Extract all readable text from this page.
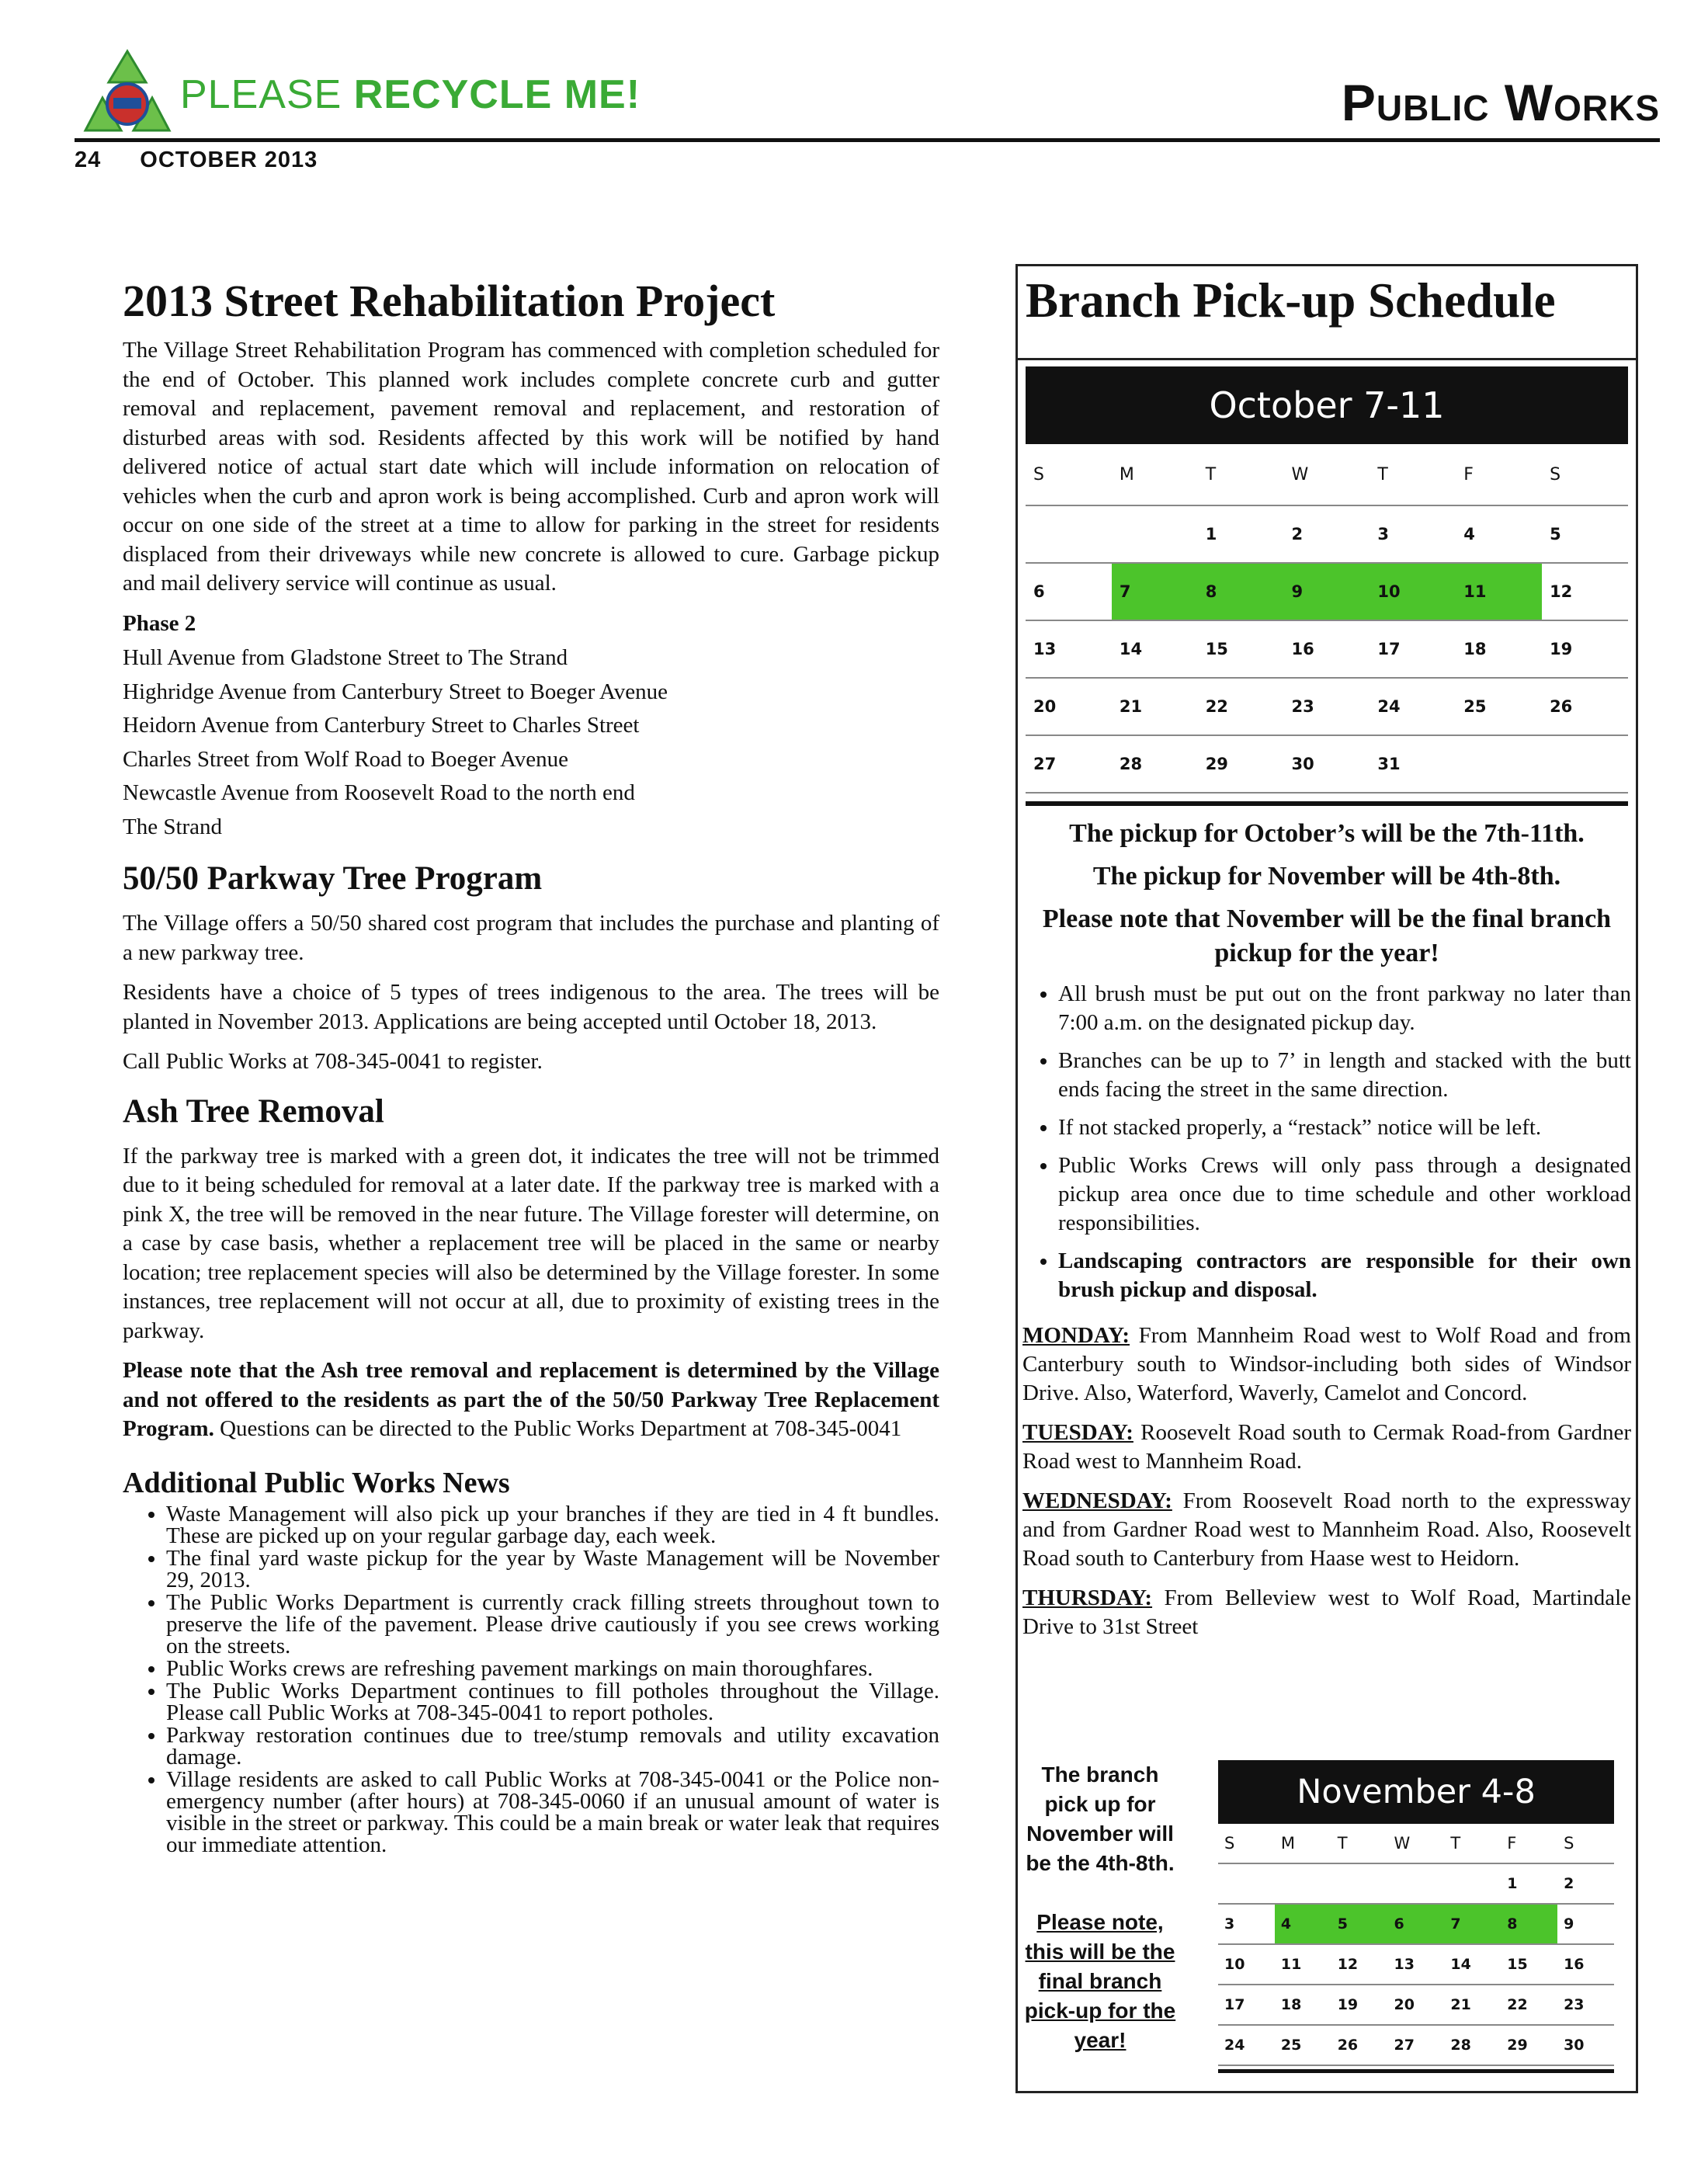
PLEASE RECYCLE ME!	Public Works
24 OCTOBER 2013
2013 Street Rehabilitation Project

The Village Street Rehabilitation Program has commenced with completion scheduled for the end of October. This planned work includes complete concrete curb and gutter removal and replacement, pavement removal and replacement, and restoration of disturbed areas with sod. Residents affected by this work will be notified by hand delivered notice of actual start date which will include information on relocation of vehicles when the curb and apron work is being accomplished. Curb and apron work will occur on one side of the street at a time to allow for parking in the street for residents displaced from their driveways while new concrete is allowed to cure. Garbage pickup and mail delivery service will continue as usual.

Phase 2

Hull Avenue from Gladstone Street to The Strand
Highridge Avenue from Canterbury Street to Boeger Avenue
Heidorn Avenue from Canterbury Street to Charles Street
Charles Street from Wolf Road to Boeger Avenue
Newcastle Avenue from Roosevelt Road to the north end
The Strand
50/50 Parkway Tree Program

The Village offers a 50/50 shared cost program that includes the purchase and planting of a new parkway tree.

Residents have a choice of 5 types of trees indigenous to the area. The trees will be planted in November 2013. Applications are being accepted until October 18, 2013.

Call Public Works at 708-345-0041 to register.

Ash Tree Removal

If the parkway tree is marked with a green dot, it indicates the tree will not be trimmed due to it being scheduled for removal at a later date. If the parkway tree is marked with a pink X, the tree will be removed in the near future. The Village forester will determine, on a case by case basis, whether a replacement tree will be placed in the same or nearby location; tree replacement species will also be determined by the Village forester. In some instances, tree replacement will not occur at all, due to proximity of existing trees in the parkway.

Please note that the Ash tree removal and replacement is determined by the Village and not offered to the residents as part the of the 50/50 Parkway Tree Replacement Program. Questions can be directed to the Public Works Department at 708-345-0041

Additional Public Works News
• Waste Management will also pick up your branches if they are tied in 4 ft bundles. These are picked up on your regular garbage day, each week.
• The final yard waste pickup for the year by Waste Management will be November 29, 2013.
• The Public Works Department is currently crack filling streets throughout town to preserve the life of the pavement. Please drive cautiously if you see crews working on the streets.
• Public Works crews are refreshing pavement markings on main thoroughfares.
• The Public Works Department continues to fill potholes throughout the Village. Please call Public Works at 708-345-0041 to report potholes.
• Parkway restoration continues due to tree/stump removals and utility excavation damage.
• Village residents are asked to call Public Works at 708-345-0041 or the Police non-emergency number (after hours) at 708-345-0060 if an unusual amount of water is visible in the street or parkway. This could be a main break or water leak that requires our immediate attention.
Branch Pick-up Schedule
October 7-11
S	M	T	W	T	F	S
		1	2	3	4	5
6	7	8	9	10	11	12
13	14	15	16	17	18	19
20	21	22	23	24	25	26
27	28	29	30	31		

The pickup for October’s will be the 7th-11th.

The pickup for November will be 4th-8th.

Please note that November will be the final branch pickup for the year!

• All brush must be put out on the front parkway no later than 7:00 a.m. on the designated pickup day.
• Branches can be up to 7’ in length and stacked with the butt ends facing the street in the same direction.
• If not stacked properly, a “restack” notice will be left.
• Public Works Crews will only pass through a designated pickup area once due to time schedule and other workload responsibilities.
• Landscaping contractors are responsible for their own brush pickup and disposal.

MONDAY: From Mannheim Road west to Wolf Road and from Canterbury south to Windsor-including both sides of Windsor Drive. Also, Waterford, Waverly, Camelot and Concord.

TUESDAY: Roosevelt Road south to Cermak Road-from Gardner Road west to Mannheim Road.

WEDNESDAY: From Roosevelt Road north to the expressway and from Gardner Road west to Mannheim Road. Also, Roosevelt Road south to Canterbury from Haase west to Heidorn.

THURSDAY: From Belleview west to Wolf Road, Martindale Drive to 31st Street

The branch pick up for November will be the 4th-8th.
Please note, this will be the final branch pick-up for the year!
November 4-8
S	M	T	W	T	F	S
					1	2
3	4	5	6	7	8	9
10	11	12	13	14	15	16
17	18	19	20	21	22	23
24	25	26	27	28	29	30
